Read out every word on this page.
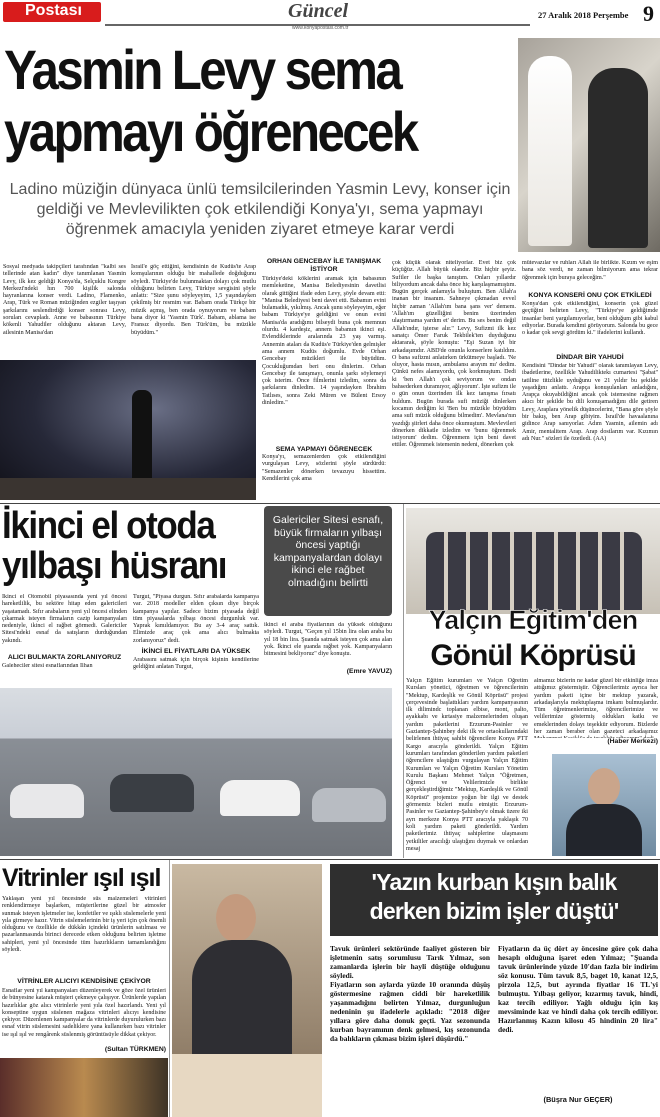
Postası	Güncel
www.konyapostasi.com.tr
27 Aralık 2018 Perşembe 9
Yasmin Levy sema
yapmayı öğrenecek
Ladino müziğin dünyaca ünlü temsilcilerinden Yasmin Levy, konser için geldiği ve Mevlevilikten çok etkilendiği Konya'yı, sema yapmayı öğrenmek amacıyla yeniden ziyaret etmeye karar verdi
Sosyal medyada takipçileri tarafından "kalbi ses tellerinde atan kadın" diye tanımlanan Yasmin Levy, ilk kez geldiği Konya'da, Selçuklu Kongre Merkezi'ndeki hın 700 kişilik salonda hayranlarına konser verdi. Ladino, Flamenko, Arap, Türk ve Roman müziğinden ezgiler taşıyan şarkılarını seslendirdiği konser sonrası Levy, soruları cevapladı. Anne ve babasının Türkiye kökenli Yahudiler olduğunu aktaran Levy, ailesinin Manisa'dan
İsrail'e göç ettiğini, kendisinin de Kudüs'te Arap komşularının olduğu bir mahallede doğduğunu söyledi. Türkiye'de bulunmaktan dolayı çok mutlu olduğunu belirten Levy, Türkiye sevgisini şöyle anlattı: "Size şunu söyleyeyim, 1,5 yaşındayken çekilmiş bir resmim var. Babam orada Türkçe bir müzik açmış, ben orada oynuyorum ve babam bana diyor ki 'Yasmin Türk'. Babam, ablama ise Fransız diyordu. Ben Türk'üm, bu müzikle büyüdüm."
ORHAN GENCEBAY İLE TANIŞMAK İSTİYOR
Türkiye'deki köklerini aramak için babasının memleketine, Manisa Belediyesinin davetlisi olarak gittiğini ifade eden Levy, şöyle devam etti: "Manisa Belediyesi beni davet etti. Babamın evini bulamadık, yıkılmış. Ancak şunu söyleyeyim, eğer babam Türkiye'ye geldiğini ve onun evini Manisa'da aradığımı bilseydi buna çok memnun olurdu. 4 kardeşiz, annem babamın ikinci eşi. Evlendiklerinde aralarında 23 yaş varmış. Annemin ataları da Kudüs'e Türkiye'den gelmişler ama annem Kudüs doğumlu. Evde Orhan Gencebay müzikleri ile büyüdüm. Çocukluğumdan beri onu dinlerim. Orhan Gencebay ile tanışmayı, onunla şarkı söylemeyi çok isterim. Önce filmlerini izledim, sonra da şarkılarını dinledim. 14 yaşındayken İbrahim Tatlıses, sonra Zeki Müren ve Bülent Ersoy dinledim."
SEMA YAPMAYI ÖĞRENECEK
Konya'yı, semazenlerden çok etkilendiğini vurgulayan Levy, sözlerini şöyle sürdürdü: "Semazenler dönerken tevazuyu hissettim. Kendilerini çok ama
çok küçük olarak niteliyorlar. Evet biz çok küçüğüz. Allah büyük olandır. Biz hiçbir şeyiz. Sufiler ile başka tanıştım. Onları yıllardır biliyordum ancak daha önce hiç karşılaşmamıştım. Bugün gerçek anlamıyla buluştum. Ben Allah'a inanan bir insanım. Sahneye çıkmadan evvel hiçbir zaman 'Allah'ım bana şans ver' demem. 'Allah'ım güzelliğini benim üzerimden ulaştırmama yardım et' derim. Bu ses benim değil Allah'ındır, işterse alır." Levy, Sufizmi ilk kez sanatçı Ömer Faruk Tekbilek'ten duyduğunu aktararak, şöyle konuştu: "Eşi Suzan iyi bir arkadaşımdır. ABD'de onunla konserlere katıldım. O bana sufizmi anlatırken ürkütmeye başladı. 'Ne oluyor, hasta mısın, ambulansı arayım mı' dedim. Çünkü nefes alamıyordu, çok korkmuştum. Dedi ki 'ben Allah'ı çok seviyorum ve ondan bahsederken duramıyor, ağlıyorum'. İşte sufizm ile o gün onun üzerinden ilk kez tanışma fırsatı buldum. Bugün burada sufi müziği dinlerken kocamın dediğim ki 'Ben bu müzikle büyüdüm ama sufi müzik olduğunu bilmedim'. Mevlana'nın yazdığı şiirleri daha önce okumuştum. Mevlevileri dönerken dikkatle izledim ve 'bunu öğrenmek istiyorum' dedim. Öğrenmem için beni davet ettiler. Öğrenmek istemenin nedeni, dönerken çok
mütevazılar ve ruhları Allah ile birlikte. Kızım ve eşim bana söz verdi, ne zaman bilmiyorum ama tekrar öğrenmek için buraya geleceğim."
KONYA KONSERİ ONU ÇOK ETKİLEDİ
Konya'dan çok etkilendiğini, konserin çok güzel geçtiğini belirten Levy, "Türkiye'ye geldiğimde insanlar beni yargılamıyorlar, beni olduğum gibi kabul ediyorlar. Burada kendimi görüyorum. Salonda bu gece o kadar çok sevgi gördüm ki." ifadelerini kullandı.
DİNDAR BİR YAHUDİ
Kendisini "Dindar bir Yahudi" olarak tanımlayan Levy, ibadetlerine, özellikle Yahudiliktekı cumartesi "Şabat" tatiline titizlikle uyduğunu ve 21 yıldır bu şekilde yaşadığını anlattı. Arapça konuşulanları anladığını, Arapça okuyabildiğini ancak çok istemesine rağmen akıcı bir şekilde bu dili konuşamadığını dile getiren Levy, Araplara yönelik düşüncelerini, "Bana göre şöyle bir bakış, ben Arap gibiyim. İsrail'de havaalanına gidince Arap sanıyorlar. Adım Yasmin, ailemin adı Amir, mentalitem Arap. Arap dostlarım var. Kızımın adı Nur." sözleri ile özetledi. (AA)
İkinci el otoda
yılbaşı hüsranı
Galericiler Sitesi esnafı, büyük firmaların yılbaşı öncesi yaptığı kampanyalardan dolayı ikinci ele rağbet olmadığını belirtti
İkinci el Otomobil piyasasında yeni yıl öncesi hareketlilik, bu sektöre hitap eden galericileri yaşatamadı. Sıfır arabaların yeni yıl öncesi elinden çıkarmak isteyen firmaların cazip kampanyaları nedeniyle, ikinci el rağbet görmedi. Galericiler Sitesi'ndeki esnaf da satışların durduğundan yakındı.
ALICI BULMAKTA ZORLANIYORUZ
Galeheciler sitesi esnaflarından İlhan
Turgut, "Piyasa durgun. Sıfır arabalarda kampanya var. 2018 modeller elden çıksın diye birçok kampanya yapılar. Sadece bizim piyasada değil tüm piyasalarda yılbaşı öncesi durgunluk var. Yaprak kımıldamıyor. Bu ay 3-4 araç sattık. Elimizde araç çok ama alıcı bulmakta zorlanıyoruz" dedi.
İKİNCİ EL FİYATLARI DA YÜKSEK
Arabasını satmak için birçok kişinin kendilerine geldiğini anlatan Turgut,
ikinci el araba fiyatlarının da yüksek olduğunu söyledi. Turgut, "Geçen yıl 15bin lira olan araba bu yıl 18 bin lira. Şuanda satmak isteyen çok ama alan yok. İkinci ele şuanda rağbet yok. Kampanyaların bitmesini bekliyoruz" diye konuştu.
(Emre YAVUZ)
Yalçın Eğitim'den
Gönül Köprüsü
Yalçın Eğitim kurumları ve Yalçın Öğretim Kursları yönetici, öğretmen ve öğrencilerinin "Mektup, Kardeşlik ve Gönül Köprüsü" projesi çerçevesinde başlattıkları yardım kampanyasının ilk dilimindc toplanan elbise, mont, palto, ayakkabı ve kırtasiye malzemelerinden oluşan yardım paketlerini Erzurum-Pasinler ve Gaziantep-Şahinbey deki ilk ve ortaokullarındaki belirlenen ihtiyaç sahibi öğrencilere Konya PTT Kargo aracıyla gönderildi. Yalçın Eğitim kurumları tarafından gönderilen yardım paketleri öğrencilere ulaştığını vurgulayan Yalçın Eğitim Kurumları ve Yalçın Öğretim Kursları Yönetim Kurulu Başkanı Mehmet Yalçın "Öğretmen, Öğrenci ve Velilerimizle birlikte gerçekleştirdiğimiz "Mektup, Kardeşlik ve Gönül Köprüsü" projemize yoğun bir ilgi ve destek görmemiz bizleri mutlu etmiştir. Erzurum-Pasinler ve Gaziantep-Şahinbey'e olmak üzere iki ayrı merkeze Konya PTT aracıyla yaklaşık 70 koli yardım paketi gönderildi. Yardım paketlerimiz ihtiyaç sahiplerine ulaşmasını yetkililer aracılığı ulaştığını duymak ve onlardan mesaj
almamız bizlerin ne kadar güzel bir etkinliğe imza attığımız göstermiştir. Öğrencilerimiz ayrıca her yardım paketi içine bir mektup yazarak, arkadaşlarıyla mektuplaşma imkanı bulmuşlardır. Tüm öğretmenlerimize, öğrencilerimize ve velilerimize göstermiş oldukları katkı ve emeklerinden dolayı teşekkür ediyorum. Bizlerde her zaman beraber olan gazeteci arkadaşımız
(Haber Merkezi)
Vitrinler ışıl ışıl
Yaklaşan yeni yıl öncesinde süs malzemeleri vitrinleri renklendirmeye başlarken, müşterilerine güzel bir atmosfer sunmak isteyen işletmeler ise, konfetiler ve ışıklı süslemelerle yeni yıla girmeye hazır. Vitrin süslemelerinin bir iş yeri için çok önemli olduğunu ve özellikle de dükkân içindeki ürünlerin satılması ve pazarlanmasında birinci derecede etken olduğunu belirten işletme sahipleri, yeni yıl öncesinde tüm hazırlıkların tamamlandığını söyledi.
VİTRİNLER ALICIYI KENDİSİNE ÇEKİYOR
Esnaflar yeni yıl kampanyaları düzenleyerek ve göze özel ürünleri de bünyesine katarak müşteri çekmeye çalışıyor. Ürünlerde yapılan hazırlıklar göz alıcı vitrinlerle yeni yıla özel hazırlandı. Yeni yıl konseptine uygun süslenen mağaza vitrinleri alıcıyı kendisine çekiyor. Düzenlenen kampanyalar da vitrinlerde duyurulurken bazı esnaf vitrin süslemesini sadeliklere yana kullanırken bazı vitrinler ise ışıl ışıl ve rengârenk süslenmiş görüntüsüyle dikkat çekiyor.
(Sultan TÜRKMEN)
'Yazın kurban kışın balık
derken bizim işler düştü'
Tavuk ürünleri sektöründe faaliyet gösteren bir işletmenin satış sorumlusu Tarık Yılmaz, son zamanlarda işlerin bir hayli düştüğe olduğunu söyledi.
Fiyatların son aylarda yüzde 10 oranında düşüş göstermesine rağmen ciddi bir hareketlilik yaşanmadığını belirten Yılmaz, durgunluğun nedeninin şu ifadelerle açıkladı: "2018 diğer yıllara göre daha donuk geçti. Yaz sezonunda kurban bayramının denk gelmesi, kış sezonunda da balıkların çıkması bizim işleri düşürdü."
Fiyatların da üç dört ay öncesine göre çok daha hesaplı olduğuna işaret eden Yılmaz; "Şuanda tavuk ürünlerinde yüzde 10'dan fazla bir indirim söz konusu. Tüm tavuk 8,5, baget 10, kanat 12,5, pirzola 12,5, but ayrında fiyatlar 16 TL'yi bulmuştu. Yılbaşı geliyor, kızarmış tavuk, hindi, kaz tercih ediliyor. Yağlı olduğu için kış mevsiminde kaz ve hindi daha çok tercih ediliyor. Hazırlanmış Kazın kilosu 45 hindinin 20 lira" dedi.
(Büşra Nur GEÇER)
